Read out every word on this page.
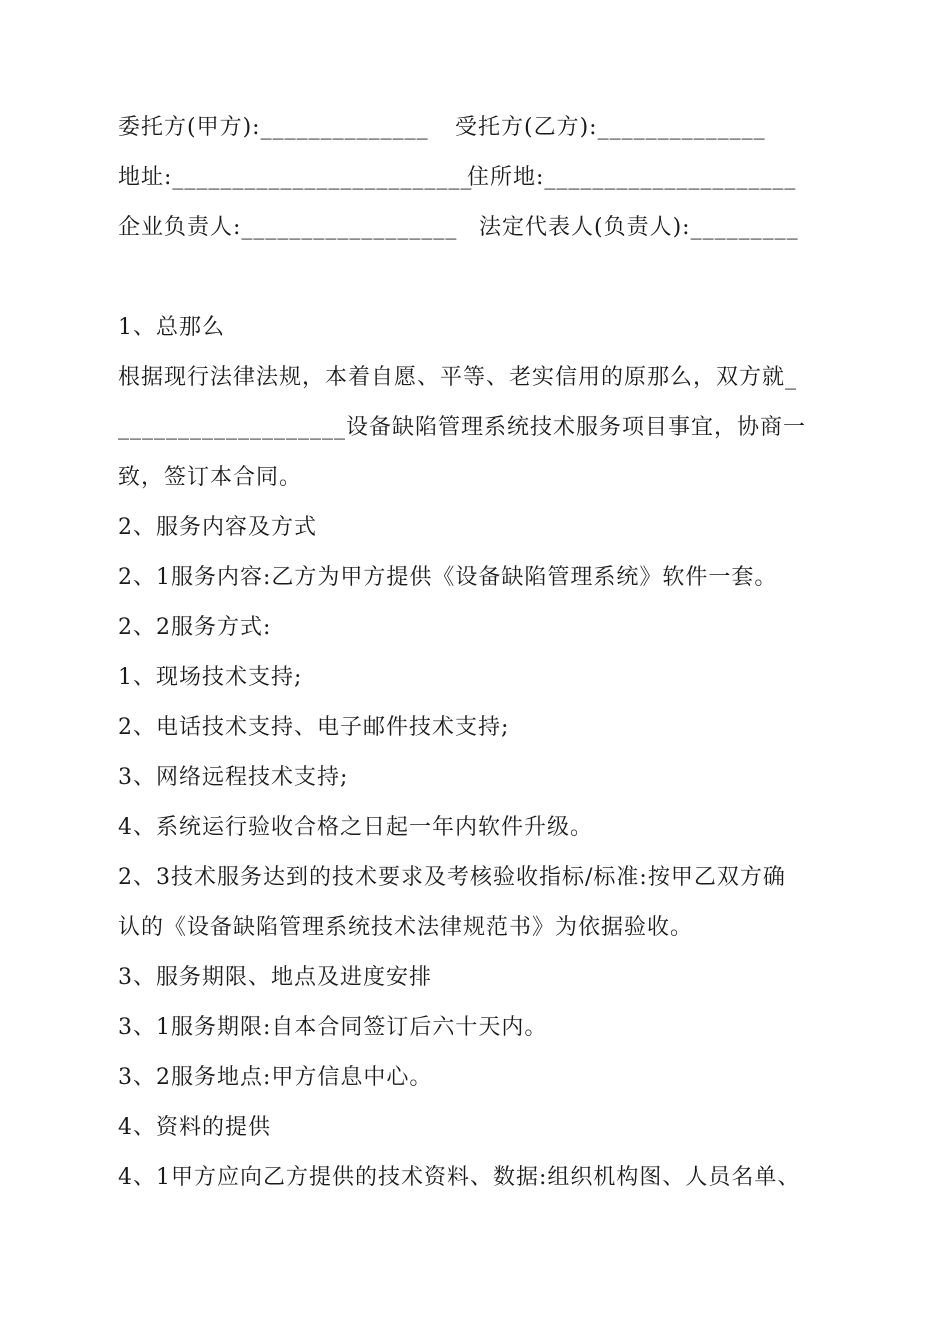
委托方(甲方):______________ 受托方(乙方):______________
地址:_________________________
住所地:_____________________
企业负责人:__________________ 法定代表人(负责人):_________
1、总那么
根据现行法律法规，本着自愿、平等、老实信用的原那么，双方就_
___________________设备缺陷管理系统技术服务项目事宜，协商一
致，签订本合同。
2、服务内容及方式
2、1服务内容:乙方为甲方提供《设备缺陷管理系统》软件一套。
2、2服务方式:
1、现场技术支持;
2、电话技术支持、电子邮件技术支持;
3、网络远程技术支持;
4、系统运行验收合格之日起一年内软件升级。
2、3技术服务达到的技术要求及考核验收指标/标准:按甲乙双方确
认的《设备缺陷管理系统技术法律规范书》为依据验收。
3、服务期限、地点及进度安排
3、1服务期限:自本合同签订后六十天内。
3、2服务地点:甲方信息中心。
4、资料的提供
4、1甲方应向乙方提供的技术资料、数据:组织机构图、人员名单、
